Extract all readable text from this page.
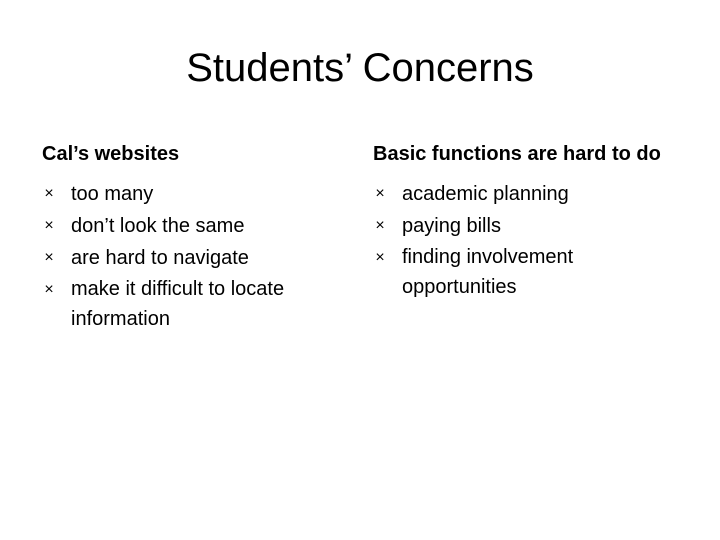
Students’ Concerns
Cal’s websites
× too many
× don’t look the same
× are hard to navigate
× make it difficult to locate information
Basic functions are hard to do
× academic planning
× paying bills
× finding involvement opportunities
